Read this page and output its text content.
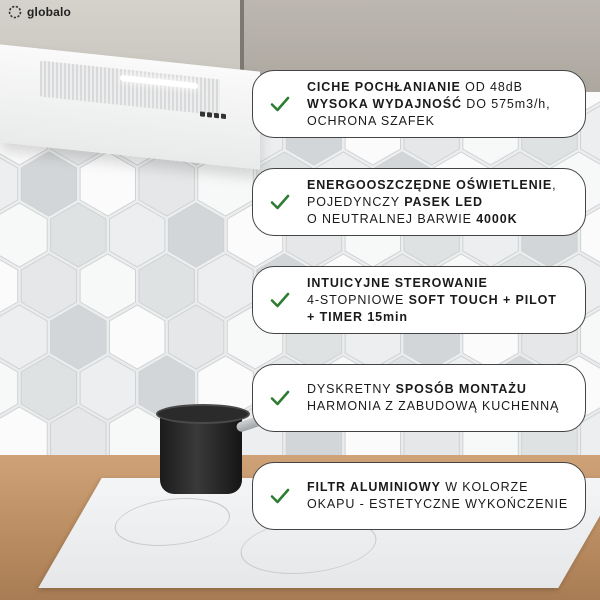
globalo
CICHE POCHŁANIANIE OD 48dB
WYSOKA WYDAJNOŚĆ DO 575m3/h,
OCHRONA SZAFEK
ENERGOOSZCZĘDNE OŚWIETLENIE,
POJEDYNCZY PASEK LED
O NEUTRALNEJ BARWIE 4000K
INTUICYJNE STEROWANIE
4-STOPNIOWE SOFT TOUCH + PILOT
+ TIMER 15min
DYSKRETNY SPOSÓB MONTAŻU
HARMONIA Z ZABUDOWĄ KUCHENNĄ
FILTR ALUMINIOWY W KOLORZE
OKAPU - ESTETYCZNE WYKOŃCZENIE
